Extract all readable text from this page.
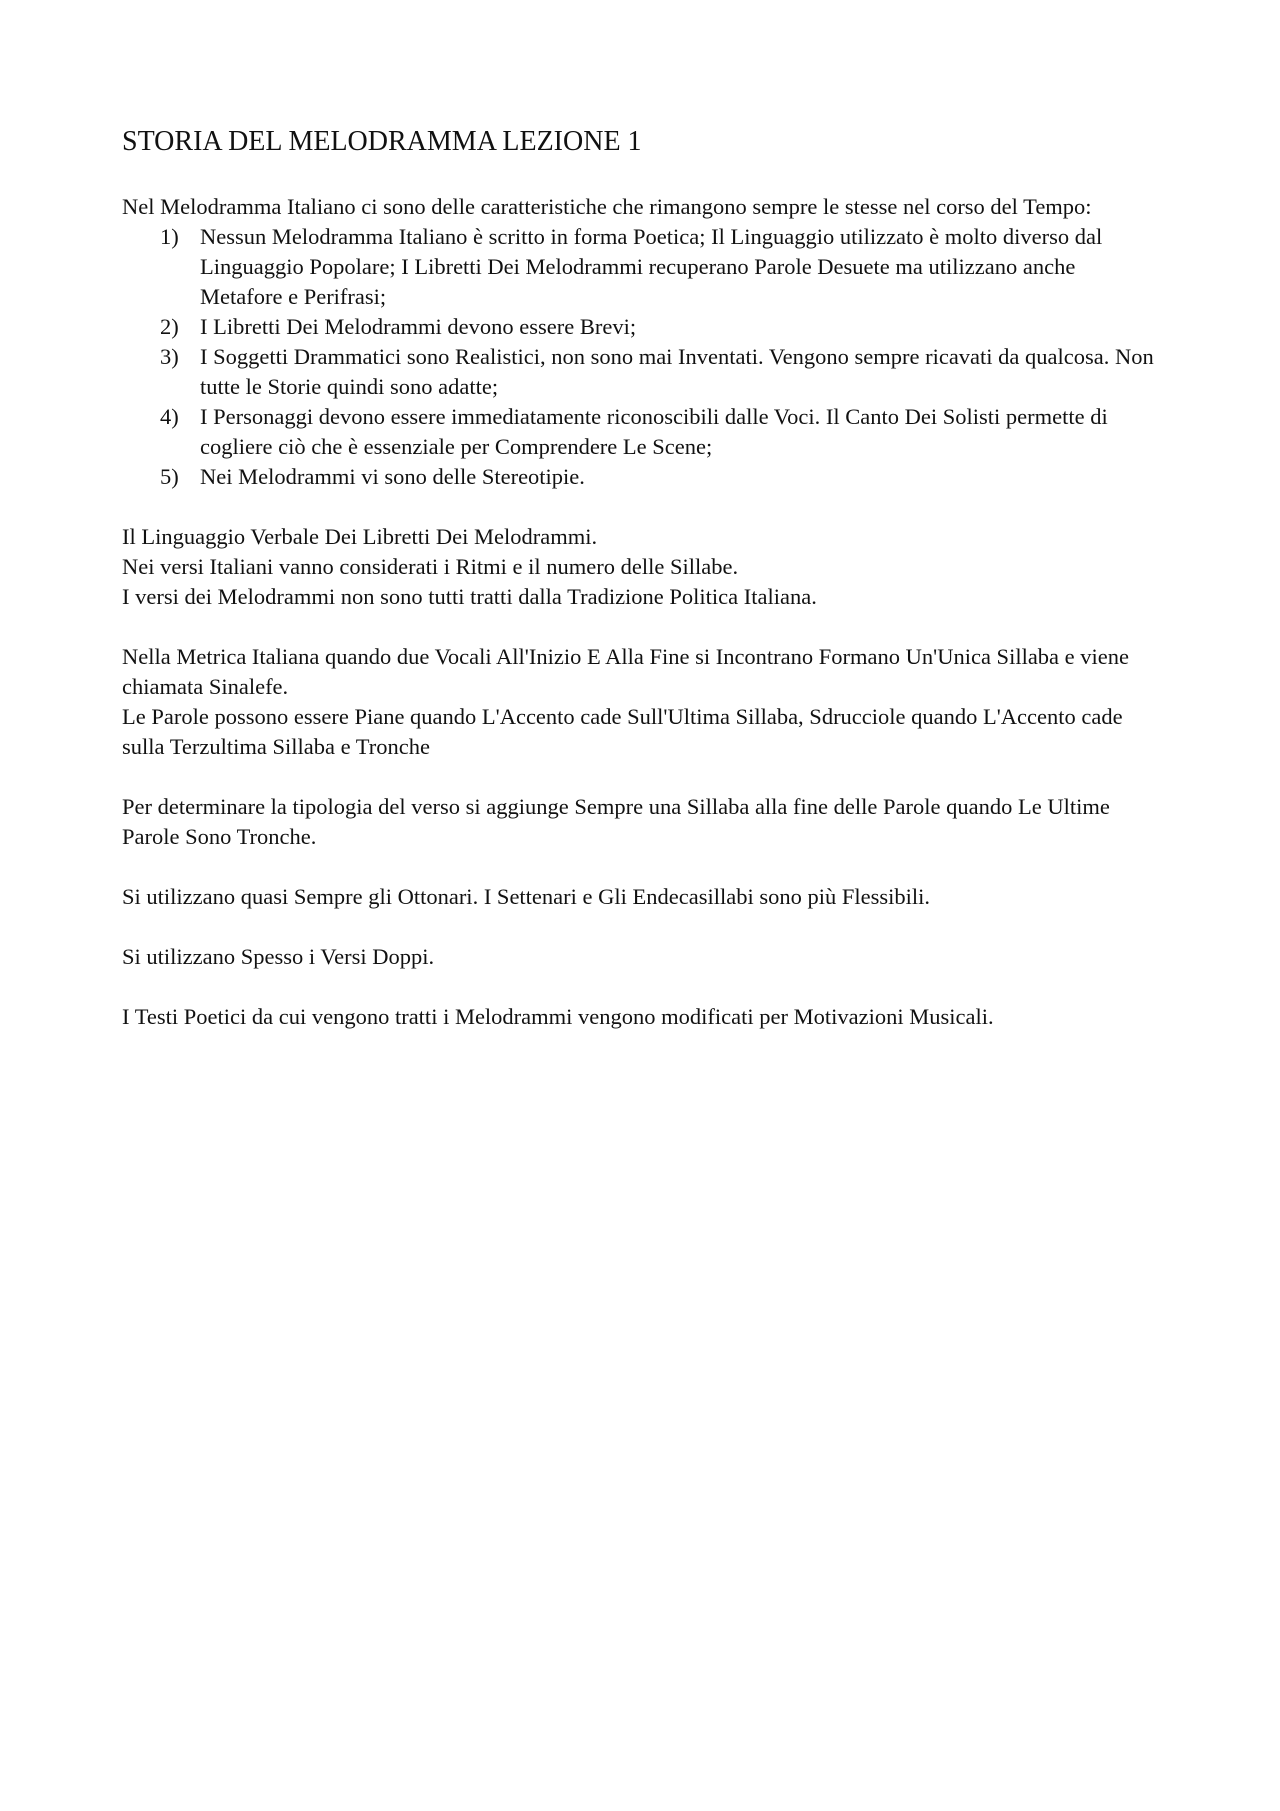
STORIA DEL MELODRAMMA LEZIONE 1

Nel Melodramma Italiano ci sono delle caratteristiche che rimangono sempre le stesse nel corso del Tempo:

1) Nessun Melodramma Italiano è scritto in forma Poetica; Il Linguaggio utilizzato è molto diverso dal Linguaggio Popolare; I Libretti Dei Melodrammi recuperano Parole Desuete ma utilizzano anche Metafore e Perifrasi;
2) I Libretti Dei Melodrammi devono essere Brevi;
3) I Soggetti Drammatici sono Realistici, non sono mai Inventati. Vengono sempre ricavati da qualcosa. Non tutte le Storie quindi sono adatte;
4) I Personaggi devono essere immediatamente riconoscibili dalle Voci. Il Canto Dei Solisti permette di cogliere ciò che è essenziale per Comprendere Le Scene;
5) Nei Melodrammi vi sono delle Stereotipie.

Il Linguaggio Verbale Dei Libretti Dei Melodrammi.

Nei versi Italiani vanno considerati i Ritmi e il numero delle Sillabe.

I versi dei Melodrammi non sono tutti tratti dalla Tradizione Politica Italiana.

Nella Metrica Italiana quando due Vocali All'Inizio E Alla Fine si Incontrano Formano Un'Unica Sillaba e viene chiamata Sinalefe.

Le Parole possono essere Piane quando L'Accento cade Sull'Ultima Sillaba, Sdrucciole quando L'Accento cade sulla Terzultima Sillaba e Tronche

Per determinare la tipologia del verso si aggiunge Sempre una Sillaba alla fine delle Parole quando Le Ultime Parole Sono Tronche.

Si utilizzano quasi Sempre gli Ottonari. I Settenari e Gli Endecasillabi sono più Flessibili.

Si utilizzano Spesso i Versi Doppi.

I Testi Poetici da cui vengono tratti i Melodrammi vengono modificati per Motivazioni Musicali.
